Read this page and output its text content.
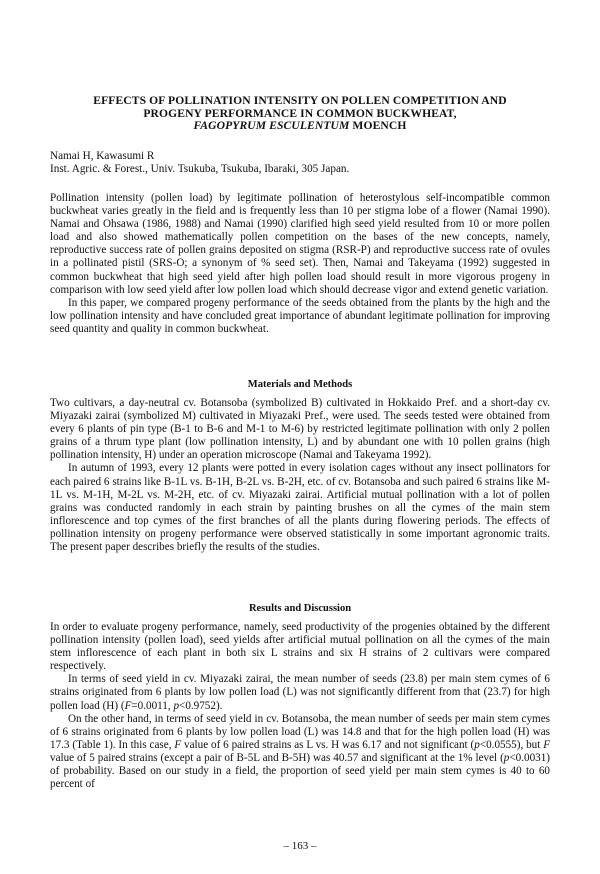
EFFECTS OF POLLINATION INTENSITY ON POLLEN COMPETITION AND
PROGENY PERFORMANCE IN COMMON BUCKWHEAT,
FAGOPYRUM ESCULENTUM MOENCH
Namai H, Kawasumi R
Inst. Agric. & Forest., Univ. Tsukuba, Tsukuba, Ibaraki, 305 Japan.

Pollination intensity (pollen load) by legitimate pollination of heterostylous self-incompatible common buckwheat varies greatly in the field and is frequently less than 10 per stigma lobe of a flower (Namai 1990). Namai and Ohsawa (1986, 1988) and Namai (1990) clarified high seed yield resulted from 10 or more pollen load and also showed mathematically pollen competition on the bases of the new concepts, namely, reproductive success rate of pollen grains deposited on stigma (RSR-P) and reproductive success rate of ovules in a pollinated pistil (SRS-O; a synonym of % seed set). Then, Namai and Takeyama (1992) suggested in common buckwheat that high seed yield after high pollen load should result in more vigorous progeny in comparison with low seed yield after low pollen load which should decrease vigor and extend genetic variation.

In this paper, we compared progeny performance of the seeds obtained from the plants by the high and the low pollination intensity and have concluded great importance of abundant legitimate pollination for improving seed quantity and quality in common buckwheat.

Materials and Methods

Two cultivars, a day-neutral cv. Botansoba (symbolized B) cultivated in Hokkaido Pref. and a short-day cv. Miyazaki zairai (symbolized M) cultivated in Miyazaki Pref., were used. The seeds tested were obtained from every 6 plants of pin type (B-1 to B-6 and M-1 to M-6) by restricted legitimate pollination with only 2 pollen grains of a thrum type plant (low pollination intensity, L) and by abundant one with 10 pollen grains (high pollination intensity, H) under an operation microscope (Namai and Takeyama 1992).

In autumn of 1993, every 12 plants were potted in every isolation cages without any insect pollinators for each paired 6 strains like B-1L vs. B-1H, B-2L vs. B-2H, etc. of cv. Botansoba and such paired 6 strains like M-1L vs. M-1H, M-2L vs. M-2H, etc. of cv. Miyazaki zairai. Artificial mutual pollination with a lot of pollen grains was conducted randomly in each strain by painting brushes on all the cymes of the main stem inflorescence and top cymes of the first branches of all the plants during flowering periods. The effects of pollination intensity on progeny performance were observed statistically in some important agronomic traits. The present paper describes briefly the results of the studies.

Results and Discussion

In order to evaluate progeny performance, namely, seed productivity of the progenies obtained by the different pollination intensity (pollen load), seed yields after artificial mutual pollination on all the cymes of the main stem inflorescence of each plant in both six L strains and six H strains of 2 cultivars were compared respectively.

In terms of seed yield in cv. Miyazaki zairai, the mean number of seeds (23.8) per main stem cymes of 6 strains originated from 6 plants by low pollen load (L) was not significantly different from that (23.7) for high pollen load (H) (F=0.0011, p<0.9752).

On the other hand, in terms of seed yield in cv. Botansoba, the mean number of seeds per main stem cymes of 6 strains originated from 6 plants by low pollen load (L) was 14.8 and that for the high pollen load (H) was 17.3 (Table 1). In this case, F value of 6 paired strains as L vs. H was 6.17 and not significant (p<0.0555), but F value of 5 paired strains (except a pair of B-5L and B-5H) was 40.57 and significant at the 1% level (p<0.0031) of probability. Based on our study in a field, the proportion of seed yield per main stem cymes is 40 to 60 percent of

– 163 –
